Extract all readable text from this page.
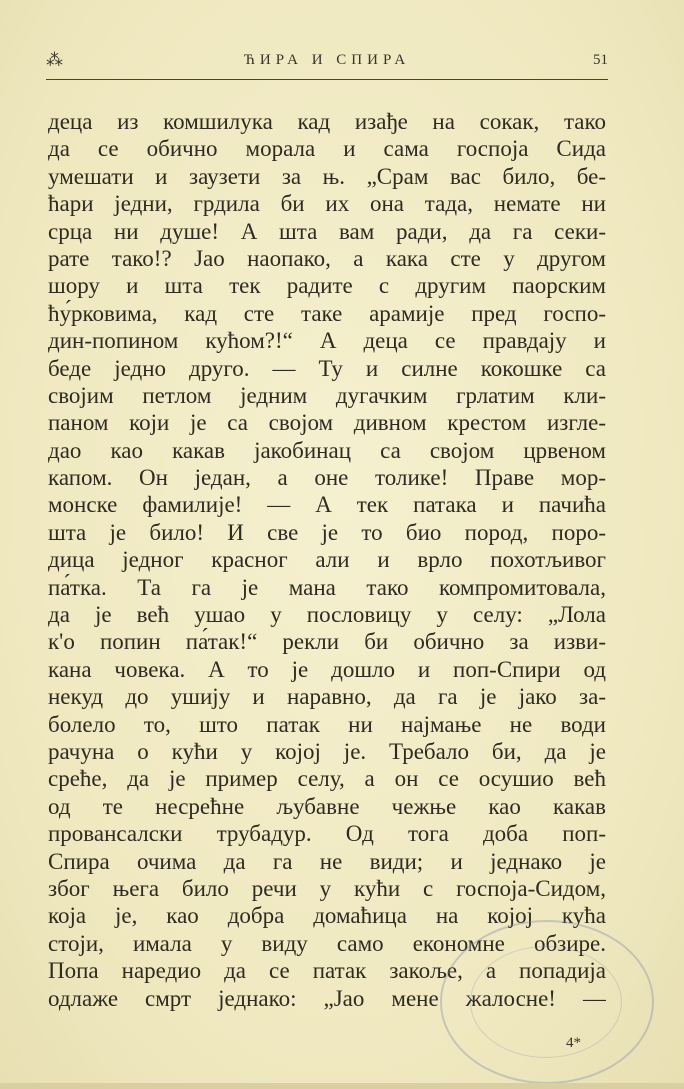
⁂	ЋИРА И СПИРА	51
деца из комшилука кад изађе на сокак, тако
да се обично морала и сама госпоја Сида
умешати и заузети за њ. „Срам вас било, бе-
ћари једни, грдила би их она тада, немате ни
срца ни душе! А шта вам ради, да га секи-
рате тако!? Јао наопако, а кака сте у другом
шору и шта тек радите с другим паорским
ћу́рковима, кад сте таке арамије пред госпо-
дин-попином кућом?!“ А деца се правдају и
беде једно друго. — Ту и силне кокошке са
својим петлом једним дугачким грлатим кли-
паном који је са својом дивном крестом изгле-
дао као какав јакобинац са својом црвеном
капом. Он један, а оне толике! Праве мор-
монске фамилије! — А тек патака и пачића
шта је било! И све је то био пород, поро-
дица једног красног али и врло похотљивог
па́тка. Та га је мана тако компромитовала,
да је већ ушао у пословицу у селу: „Лола
к'о попин па́так!“ рекли би обично за изви-
кана човека. А то је дошло и поп-Спири од
некуд до ушију и наравно, да га је јако за-
болело то, што патак ни најмање не води
рачуна о кући у којој је. Требало би, да је
среће, да је пример селу, а он се осушио већ
од те несрећне љубавне чежње као какав
провансалски трубадур. Од тога доба поп-
Спира очима да га не види; и једнако је
због њега било речи у кући с госпоја-Сидом,
која је, као добра домаћица на којој кућа
стоји, имала у виду само економне обзире.
Попа наредио да се патак закоље, а попадија
одлаже смрт једнако: „Јао мене жалосне! —
4*
